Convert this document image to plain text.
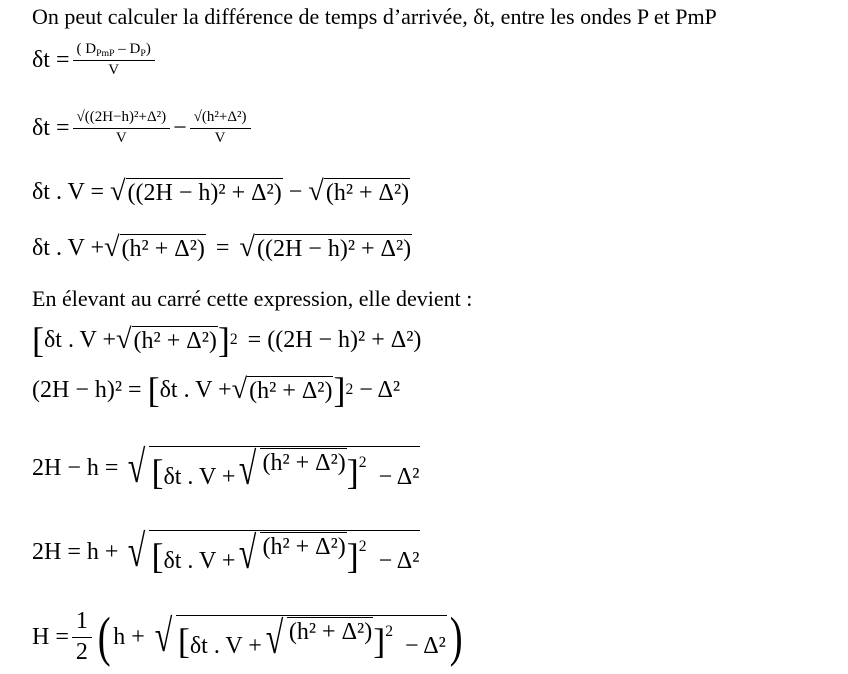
On peut calculer la différence de temps d’arrivée, δt, entre les ondes P et PmP
$\delta t = \frac{( D_{PmP} - D_P)}{V}$
$\delta t = \frac{\text{√((2H−h)²+Δ²)}}{V} - \frac{\text{√(h²+Δ²)}}{V}$
δt . V = √ ((2H − h)² + Δ²) − √ (h² + Δ²)
δt . V + √ (h² + Δ²) = √ ((2H − h)² + Δ²)
En élevant au carré cette expression, elle devient :
[ δt . V + √ (h² + Δ²) ] 2 = ((2H − h)² + Δ²)
(2H − h)² = [ δt . V + √ (h² + Δ²) ] 2 − Δ²
2H − h = √ [δt . V + √ (h² + Δ²) ]$^2$ − Δ²
2H = h + √ [δt . V + √ (h² + Δ²) ]$^2$ − Δ²
$H = \frac{1}{2}$ ( h + √ [δt . V + √ (h² + Δ²) ]$^2$ − Δ² )
